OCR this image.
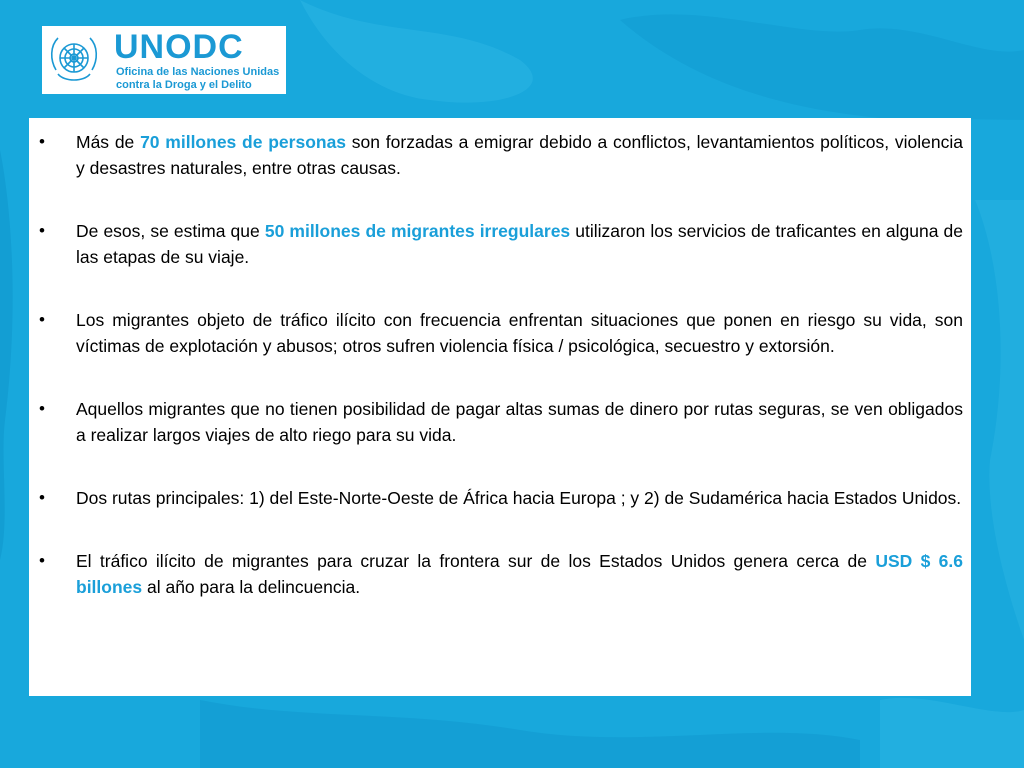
UNODC
Oficina de las Naciones Unidas
contra la Droga y el Delito
• Más de 70 millones de personas son forzadas a emigrar debido a conflictos, levantamientos políticos, violencia y desastres naturales, entre otras causas.
• De esos, se estima que 50 millones de migrantes irregulares utilizaron los servicios de traficantes en alguna de las etapas de su viaje.
• Los migrantes objeto de tráfico ilícito con frecuencia enfrentan situaciones que ponen en riesgo su vida, son víctimas de explotación y abusos; otros sufren violencia física / psicológica, secuestro y extorsión.
• Aquellos migrantes que no tienen posibilidad de pagar altas sumas de dinero por rutas seguras, se ven obligados a realizar largos viajes de alto riego para su vida.
• Dos rutas principales: 1) del Este-Norte-Oeste de África hacia Europa ; y 2) de Sudamérica hacia Estados Unidos.
• El tráfico ilícito de migrantes para cruzar la frontera sur de los Estados Unidos genera cerca de USD $ 6.6 billones al año para la delincuencia.
